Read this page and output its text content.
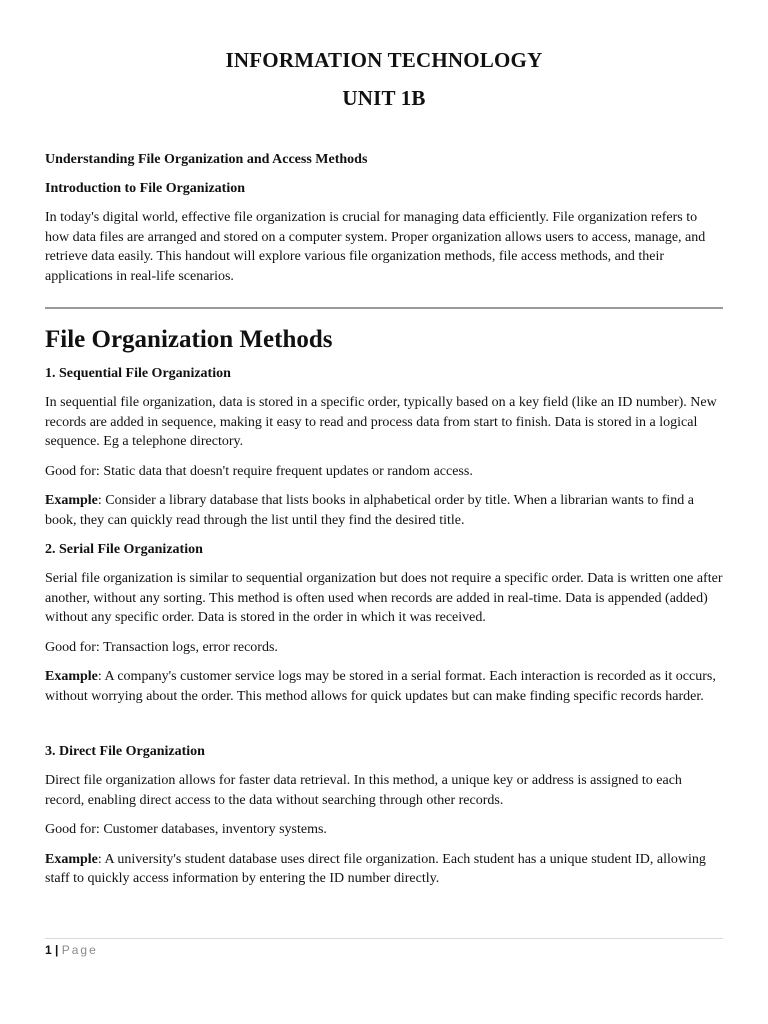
INFORMATION TECHNOLOGY
UNIT 1B
Understanding File Organization and Access Methods
Introduction to File Organization

In today's digital world, effective file organization is crucial for managing data efficiently. File organization refers to how data files are arranged and stored on a computer system. Proper organization allows users to access, manage, and retrieve data easily. This handout will explore various file organization methods, file access methods, and their applications in real-life scenarios.

File Organization Methods
1. Sequential File Organization

In sequential file organization, data is stored in a specific order, typically based on a key field (like an ID number). New records are added in sequence, making it easy to read and process data from start to finish. Data is stored in a logical sequence. Eg a telephone directory.

Good for: Static data that doesn't require frequent updates or random access.

Example: Consider a library database that lists books in alphabetical order by title. When a librarian wants to find a book, they can quickly read through the list until they find the desired title.

2. Serial File Organization

Serial file organization is similar to sequential organization but does not require a specific order. Data is written one after another, without any sorting. This method is often used when records are added in real-time. Data is appended (added) without any specific order. Data is stored in the order in which it was received.

Good for: Transaction logs, error records.

Example: A company's customer service logs may be stored in a serial format. Each interaction is recorded as it occurs, without worrying about the order. This method allows for quick updates but can make finding specific records harder.

3. Direct File Organization

Direct file organization allows for faster data retrieval. In this method, a unique key or address is assigned to each record, enabling direct access to the data without searching through other records.

Good for: Customer databases, inventory systems.

Example: A university's student database uses direct file organization. Each student has a unique student ID, allowing staff to quickly access information by entering the ID number directly.

1 | Page
